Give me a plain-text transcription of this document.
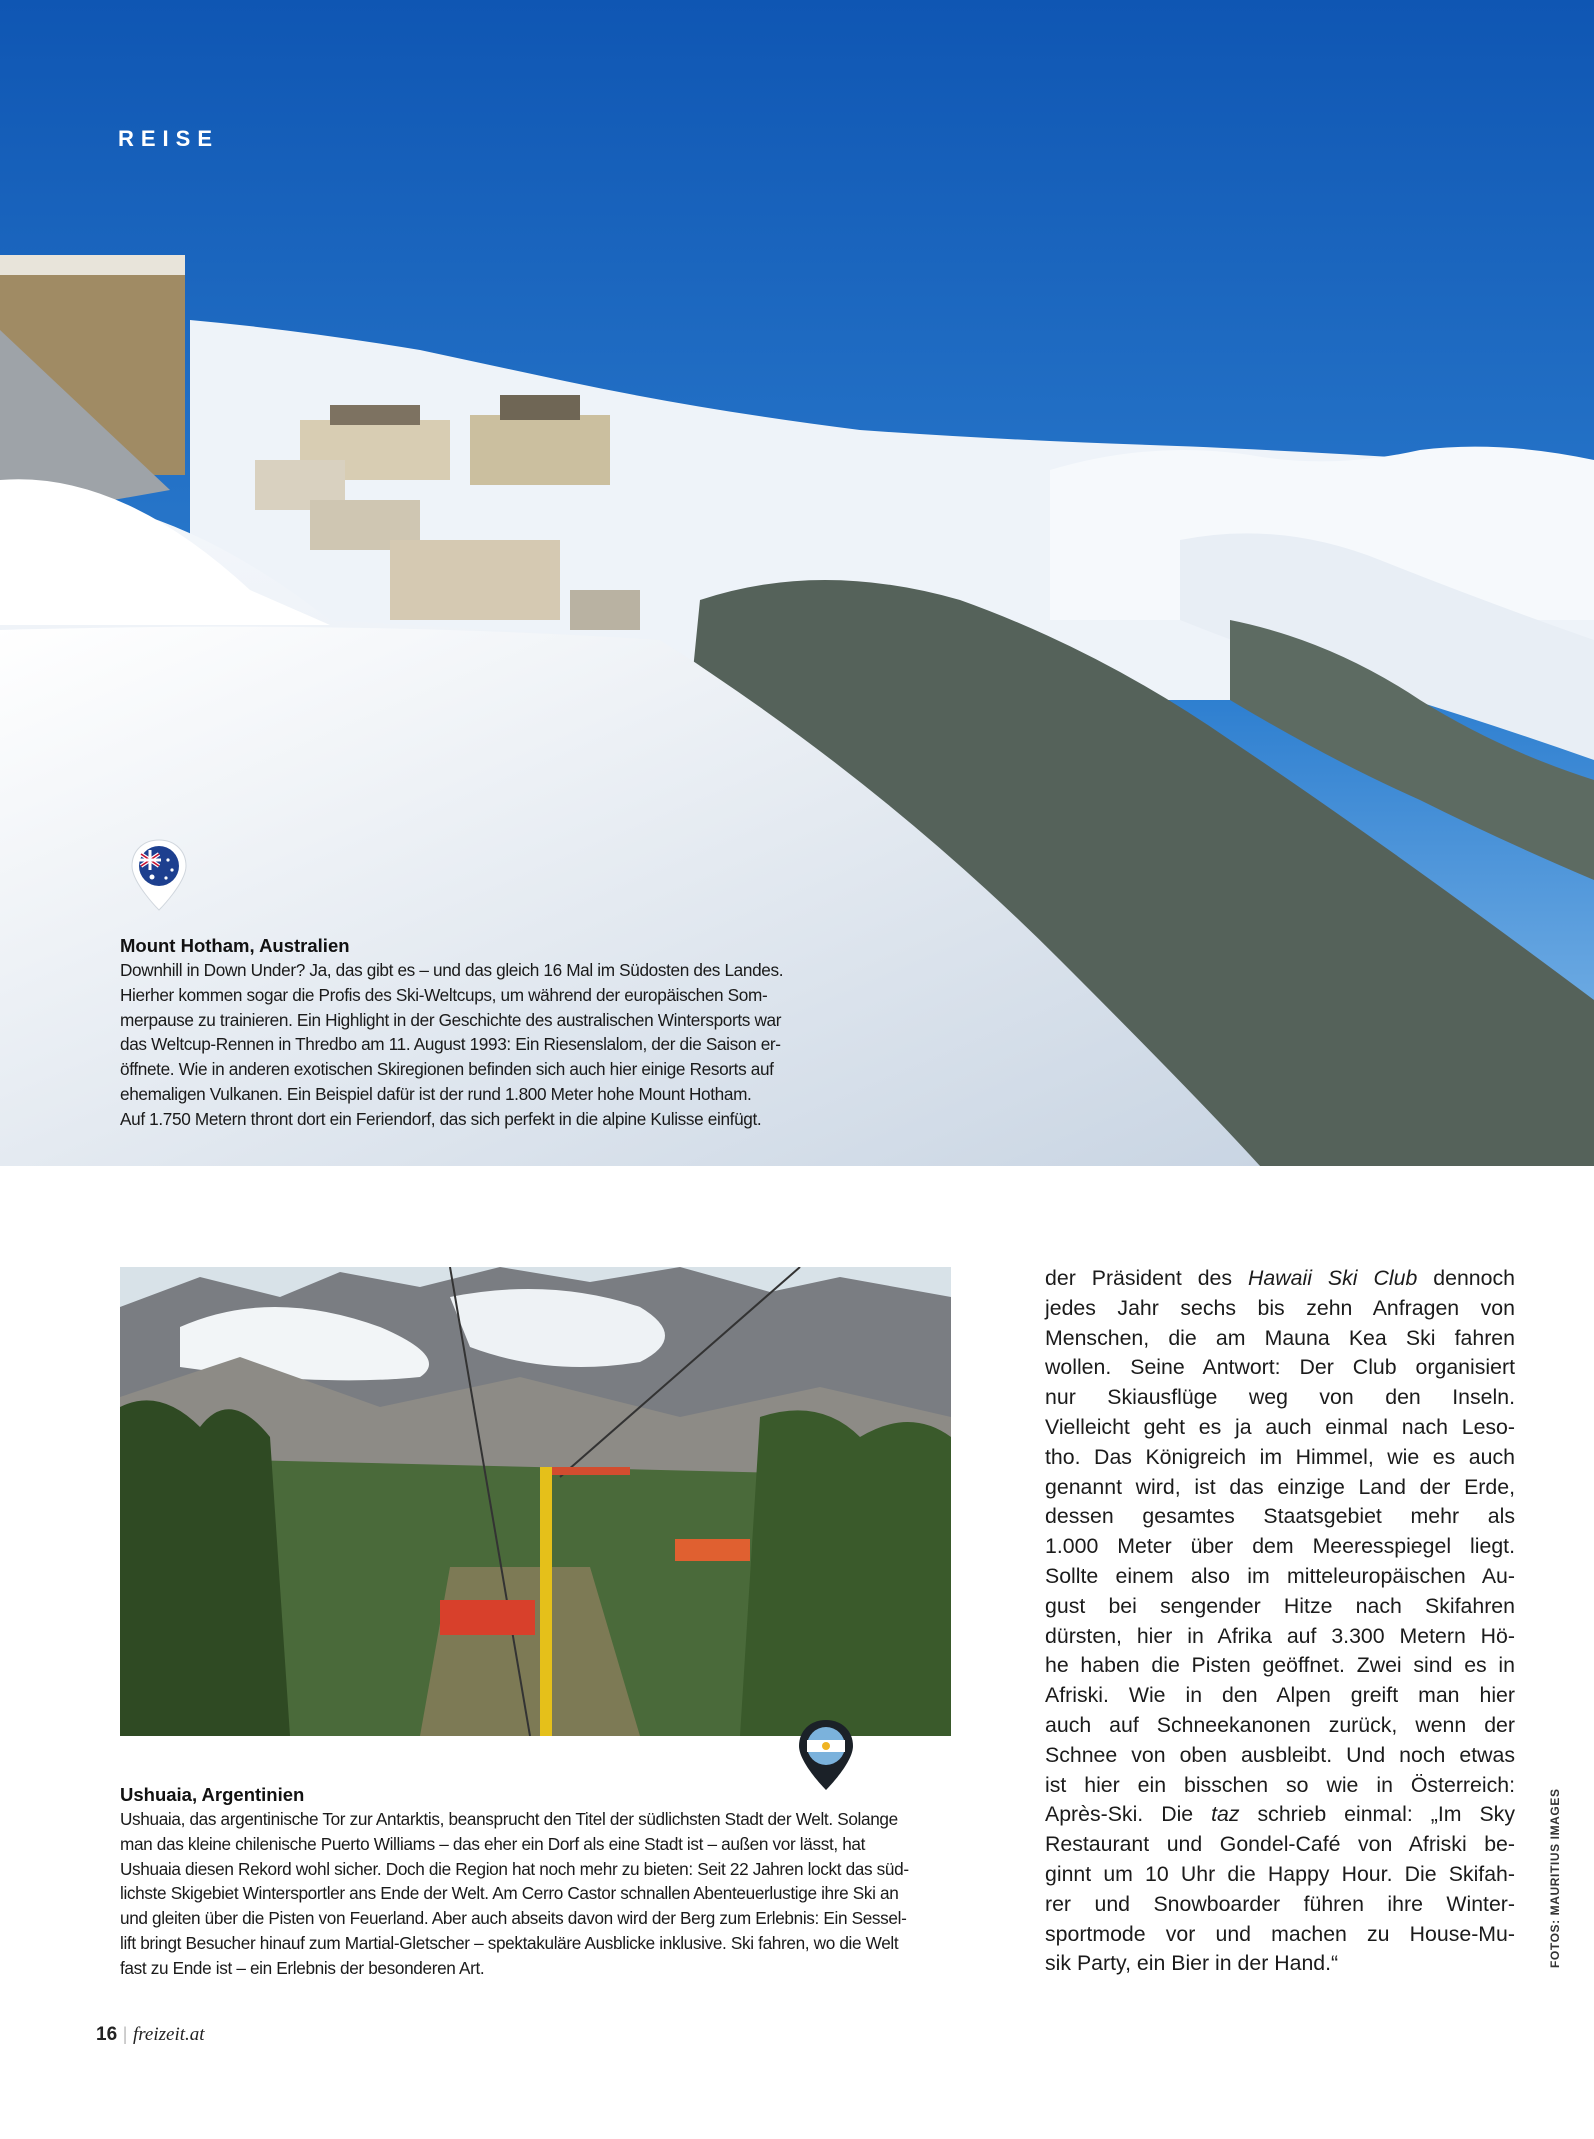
REISE
Mount Hotham, Australien
Downhill in Down Under? Ja, das gibt es – und das gleich 16 Mal im Südosten des Landes.
Hierher kommen sogar die Profis des Ski-Weltcups, um während der europäischen Som-
merpause zu trainieren. Ein Highlight in der Geschichte des australischen Wintersports war
das Weltcup-Rennen in Thredbo am 11. August 1993: Ein Riesenslalom, der die Saison er-
öffnete. Wie in anderen exotischen Skiregionen befinden sich auch hier einige Resorts auf
ehemaligen Vulkanen. Ein Beispiel dafür ist der rund 1.800 Meter hohe Mount Hotham.
Auf 1.750 Metern thront dort ein Feriendorf, das sich perfekt in die alpine Kulisse einfügt.
Ushuaia, Argentinien
Ushuaia, das argentinische Tor zur Antarktis, beansprucht den Titel der südlichsten Stadt der Welt. Solange
man das kleine chilenische Puerto Williams – das eher ein Dorf als eine Stadt ist – außen vor lässt, hat
Ushuaia diesen Rekord wohl sicher. Doch die Region hat noch mehr zu bieten: Seit 22 Jahren lockt das süd-
lichste Skigebiet Wintersportler ans Ende der Welt. Am Cerro Castor schnallen Abenteuerlustige ihre Ski an
und gleiten über die Pisten von Feuerland. Aber auch abseits davon wird der Berg zum Erlebnis: Ein Sessel-
lift bringt Besucher hinauf zum Martial-Gletscher – spektakuläre Ausblicke inklusive. Ski fahren, wo die Welt
fast zu Ende ist – ein Erlebnis der besonderen Art.
der Präsident des Hawaii Ski Club dennoch
jedes Jahr sechs bis zehn Anfragen von
Menschen, die am Mauna Kea Ski fahren
wollen. Seine Antwort: Der Club organisiert
nur Skiausflüge weg von den Inseln.
Vielleicht geht es ja auch einmal nach Leso-
tho. Das Königreich im Himmel, wie es auch
genannt wird, ist das einzige Land der Erde,
dessen gesamtes Staatsgebiet mehr als
1.000 Meter über dem Meeresspiegel liegt.
Sollte einem also im mitteleuropäischen Au-
gust bei sengender Hitze nach Skifahren
dürsten, hier in Afrika auf 3.300 Metern Hö-
he haben die Pisten geöffnet. Zwei sind es in
Afriski. Wie in den Alpen greift man hier
auch auf Schneekanonen zurück, wenn der
Schnee von oben ausbleibt. Und noch etwas
ist hier ein bisschen so wie in Österreich:
Après-Ski. Die taz schrieb einmal: „Im Sky
Restaurant und Gondel-Café von Afriski be-
ginnt um 10 Uhr die Happy Hour. Die Skifah-
rer und Snowboarder führen ihre Winter-
sportmode vor und machen zu House-Mu-
sik Party, ein Bier in der Hand.“	FOTOS: MAURITIUS IMAGES
16 | freizeit.at
